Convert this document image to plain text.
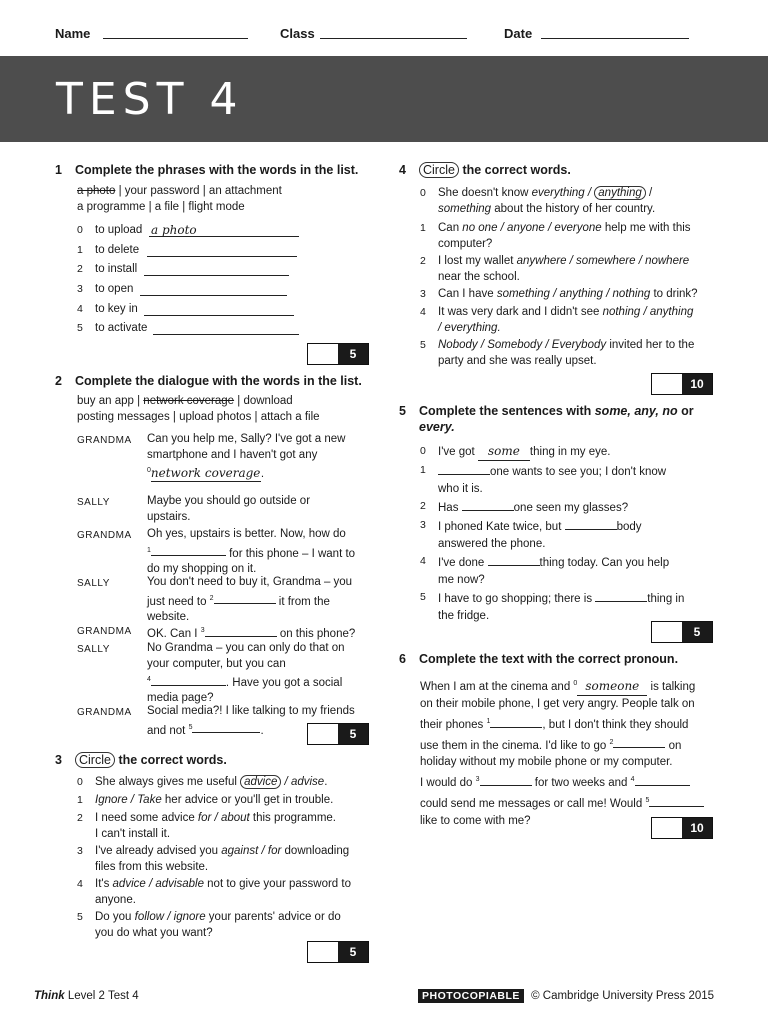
Name	Class	Date
TEST 4
1 Complete the phrases with the words in the list.
a photo | your password | an attachment
a programme | a file | flight mode
0 to upload a photo
1 to delete
2 to install
3 to open
4 to key in
5 to activate
5
2 Complete the dialogue with the words in the list.
buy an app | network coverage | download
posting messages | upload photos | attach a file
GRANDMA Can you help me, Sally? I've got a new
smartphone and I haven't got any
$^0$network coverage.
SALLY	Maybe you should go outside or
upstairs.
GRANDMA Oh yes, upstairs is better. Now, how do
$^1$	for this phone – I want to
do my shopping on it.
SALLY	You don't need to buy it, Grandma – you
just need to $^2$	it from the
website.
GRANDMA OK. Can I $^3$	on this phone?
SALLY	No Grandma – you can only do that on
your computer, but you can
$^4$	. Have you got a social
media page?
GRANDMA Social media?! I like talking to my friends
and not $^5$	.	5
3 Circle the correct words.
0 She always gives me useful advice / advise.
1 Ignore / Take her advice or you'll get in trouble.
2 I need some advice for / about this programme.
I can't install it.
3 I've already advised you against / for downloading
files from this website.
4 It's advice / advisable not to give your password to
anyone.
5 Do you follow / ignore your parents' advice or do
you do what you want?
5
4 Circle the correct words.
0 She doesn't know everything / anything /
something about the history of her country.
1 Can no one / anyone / everyone help me with this
computer?
2 I lost my wallet anywhere / somewhere / nowhere
near the school.
3 Can I have something / anything / nothing to drink?
4 It was very dark and I didn't see nothing / anything
/ everything.
5 Nobody / Somebody / Everybody invited her to the
party and she was really upset.
10
5 Complete the sentences with some, any, no or
every.
0 I've got some thing in my eye.
1	one wants to see you; I don't know
who it is.
2 Has	one seen my glasses?
3 I phoned Kate twice, but	body
answered the phone.
4 I've done	thing today. Can you help
me now?
5 I have to go shopping; there is	thing in
the fridge.
5
6 Complete the text with the correct pronoun.
When I am at the cinema and $^0$ someone is talking
on their mobile phone, I get very angry. People talk on
their phones $^1$	, but I don't think they should
use them in the cinema. I'd like to go $^2$	on
holiday without my mobile phone or my computer.
I would do $^3$	for two weeks and $^4$
could send me messages or call me! Would $^5$
like to come with me?	10
Think Level 2 Test 4	PHOTOCOPIABLE © Cambridge University Press 2015
